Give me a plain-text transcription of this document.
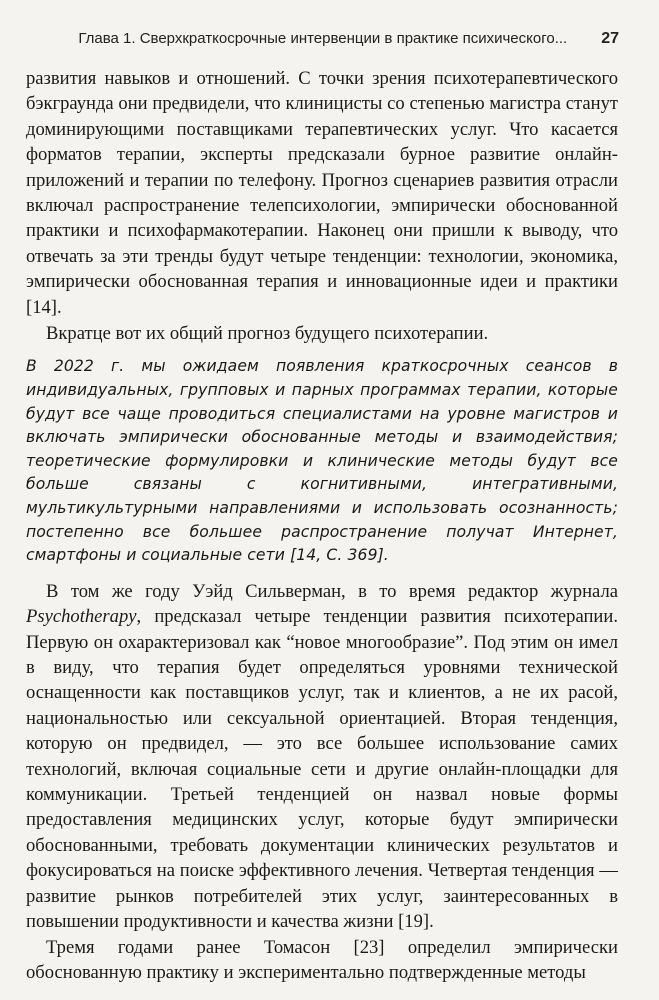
Глава 1. Сверхкраткосрочные интервенции в практике психического... 27

развития навыков и отношений. С точки зрения психотерапевтического бэкграунда они предвидели, что клиницисты со степенью магистра станут доминирующими поставщиками терапевтических услуг. Что касается форматов терапии, эксперты предсказали бурное развитие онлайн-приложений и терапии по телефону. Прогноз сценариев развития отрасли включал распространение телепсихологии, эмпирически обоснованной практики и психофармакотерапии. Наконец они пришли к выводу, что отвечать за эти тренды будут четыре тенденции: технологии, экономика, эмпирически обоснованная терапия и инновационные идеи и практики [14].

Вкратце вот их общий прогноз будущего психотерапии.

В 2022 г. мы ожидаем появления краткосрочных сеансов в индивидуальных, групповых и парных программах терапии, которые будут все чаще проводиться специалистами на уровне магистров и включать эмпирически обоснованные методы и взаимодействия; теоретические формулировки и клинические методы будут все больше связаны с когнитивными, интегративными, мультикультурными направлениями и использовать осознанность; постепенно все большее распространение получат Интернет, смартфоны и социальные сети [14, С. 369].

В том же году Уэйд Сильверман, в то время редактор журнала Psychotherapy, предсказал четыре тенденции развития психотерапии. Первую он охарактеризовал как “новое многообразие”. Под этим он имел в виду, что терапия будет определяться уровнями технической оснащенности как поставщиков услуг, так и клиентов, а не их расой, национальностью или сексуальной ориентацией. Вторая тенденция, которую он предвидел, — это все большее использование самих технологий, включая социальные сети и другие онлайн-площадки для коммуникации. Третьей тенденцией он назвал новые формы предоставления медицинских услуг, которые будут эмпирически обоснованными, требовать документации клинических результатов и фокусироваться на поиске эффективного лечения. Четвертая тенденция — развитие рынков потребителей этих услуг, заинтересованных в повышении продуктивности и качества жизни [19].

Тремя годами ранее Томасон [23] определил эмпирически обоснованную практику и экспериментально подтвержденные методы
